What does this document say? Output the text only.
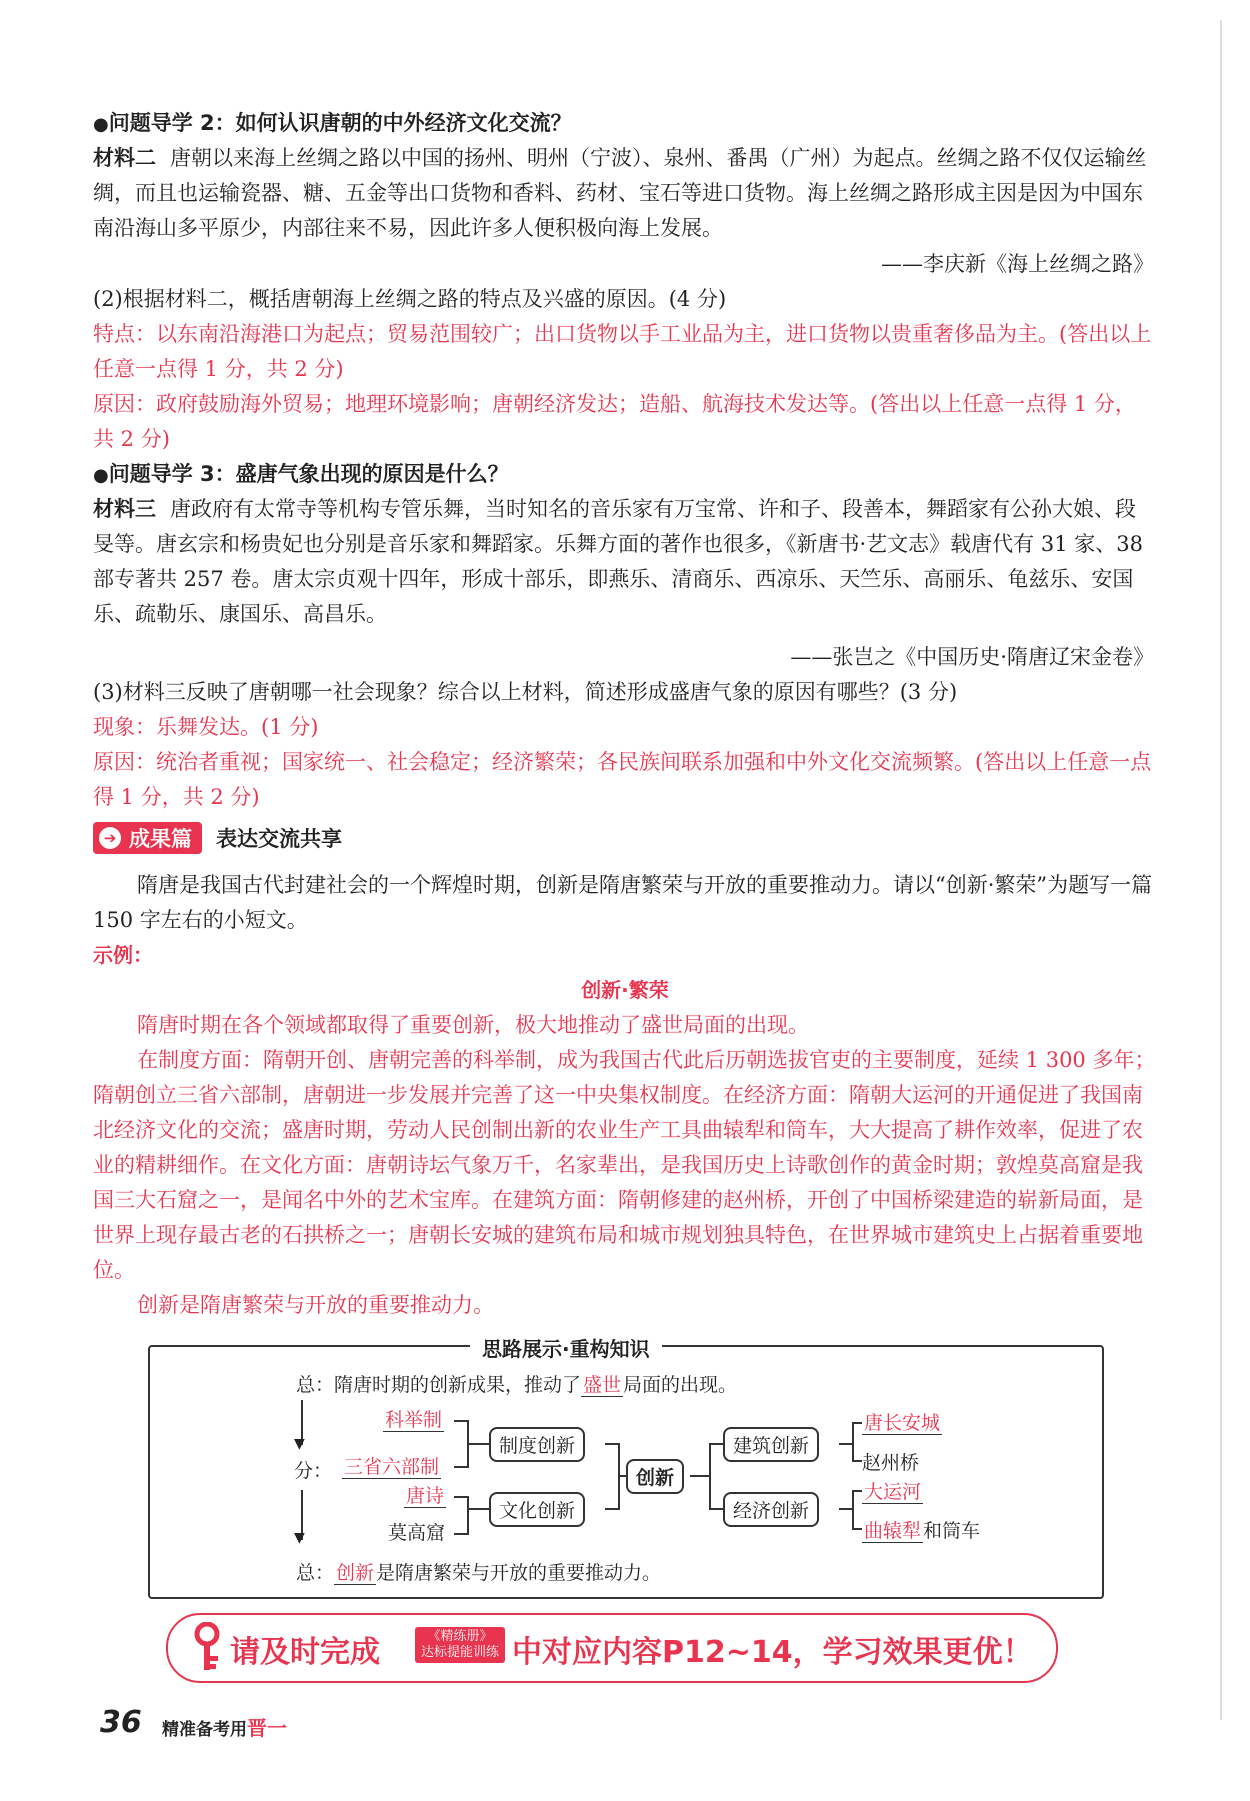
●问题导学 2：如何认识唐朝的中外经济文化交流？
材料二 唐朝以来海上丝绸之路以中国的扬州、明州（宁波）、泉州、番禺（广州）为起点。丝绸之路不仅仅运输丝绸，而且也运输瓷器、糖、五金等出口货物和香料、药材、宝石等进口货物。海上丝绸之路形成主因是因为中国东南沿海山多平原少，内部往来不易，因此许多人便积极向海上发展。
——李庆新《海上丝绸之路》
(2)根据材料二，概括唐朝海上丝绸之路的特点及兴盛的原因。(4 分)
特点：以东南沿海港口为起点；贸易范围较广；出口货物以手工业品为主，进口货物以贵重奢侈品为主。(答出以上任意一点得 1 分，共 2 分)
原因：政府鼓励海外贸易；地理环境影响；唐朝经济发达；造船、航海技术发达等。(答出以上任意一点得 1 分，共 2 分)
●问题导学 3：盛唐气象出现的原因是什么？
材料三 唐政府有太常寺等机构专管乐舞，当时知名的音乐家有万宝常、许和子、段善本，舞蹈家有公孙大娘、段旻等。唐玄宗和杨贵妃也分别是音乐家和舞蹈家。乐舞方面的著作也很多，《新唐书·艺文志》载唐代有 31 家、38 部专著共 257 卷。唐太宗贞观十四年，形成十部乐，即燕乐、清商乐、西凉乐、天竺乐、高丽乐、龟兹乐、安国乐、疏勒乐、康国乐、高昌乐。
——张岂之《中国历史·隋唐辽宋金卷》
(3)材料三反映了唐朝哪一社会现象？综合以上材料，简述形成盛唐气象的原因有哪些？(3 分)
现象：乐舞发达。(1 分)
原因：统治者重视；国家统一、社会稳定；经济繁荣；各民族间联系加强和中外文化交流频繁。(答出以上任意一点得 1 分，共 2 分)
➔ 成果篇 表达交流共享
隋唐是我国古代封建社会的一个辉煌时期，创新是隋唐繁荣与开放的重要推动力。请以“创新·繁荣”为题写一篇 150 字左右的小短文。
示例：
创新·繁荣
隋唐时期在各个领域都取得了重要创新，极大地推动了盛世局面的出现。
在制度方面：隋朝开创、唐朝完善的科举制，成为我国古代此后历朝选拔官吏的主要制度，延续 1 300 多年；隋朝创立三省六部制，唐朝进一步发展并完善了这一中央集权制度。在经济方面：隋朝大运河的开通促进了我国南北经济文化的交流；盛唐时期，劳动人民创制出新的农业生产工具曲辕犁和筒车，大大提高了耕作效率，促进了农业的精耕细作。在文化方面：唐朝诗坛气象万千，名家辈出，是我国历史上诗歌创作的黄金时期；敦煌莫高窟是我国三大石窟之一，是闻名中外的艺术宝库。在建筑方面：隋朝修建的赵州桥，开创了中国桥梁建造的崭新局面，是世界上现存最古老的石拱桥之一；唐朝长安城的建筑布局和城市规划独具特色，在世界城市建筑史上占据着重要地位。
创新是隋唐繁荣与开放的重要推动力。
思路展示·重构知识
总：隋唐时期的创新成果，推动了 盛世 局面的出现。
▼
分：
▼
科举制
三省六部制
唐诗
莫高窟
制度创新
文化创新
创新
建筑创新
经济创新
唐长安城
赵州桥
大运河
曲辕犁 和筒车
总： 创新 是隋唐繁荣与开放的重要推动力。
请及时完成	《精练册》
达标提能训练 中对应内容P12~14，学习效果更优！
36 精准备考用晋一
